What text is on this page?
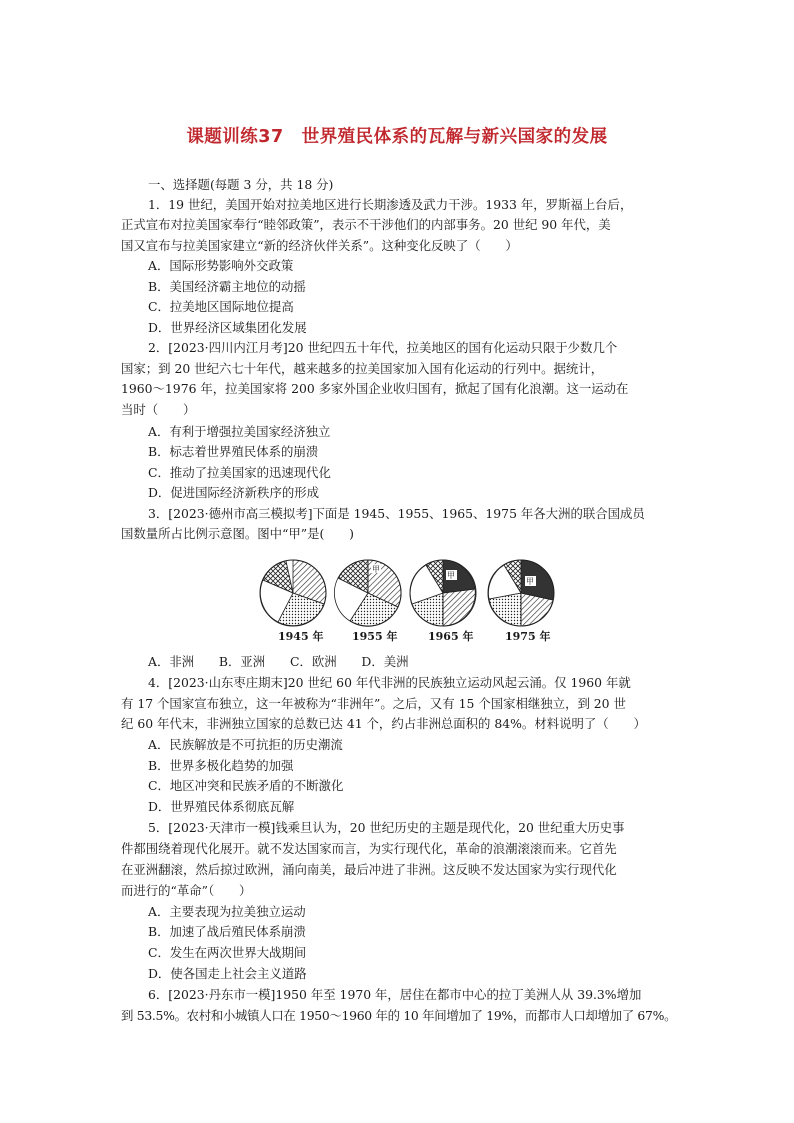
课题训练37　世界殖民体系的瓦解与新兴国家的发展
一、选择题(每题 3 分，共 18 分)
1．19 世纪，美国开始对拉美地区进行长期渗透及武力干涉。1933 年，罗斯福上台后，
正式宣布对拉美国家奉行“睦邻政策”，表示不干涉他们的内部事务。20 世纪 90 年代，美
国又宣布与拉美国家建立“新的经济伙伴关系”。这种变化反映了（　　）
A．国际形势影响外交政策
B．美国经济霸主地位的动摇
C．拉美地区国际地位提高
D．世界经济区域集团化发展
2．[2023·四川内江月考]20 世纪四五十年代，拉美地区的国有化运动只限于少数几个
国家；到 20 世纪六七十年代，越来越多的拉美国家加入国有化运动的行列中。据统计，
1960～1976 年，拉美国家将 200 多家外国企业收归国有，掀起了国有化浪潮。这一运动在
当时（　　）
A．有利于增强拉美国家经济独立
B．标志着世界殖民体系的崩溃
C．推动了拉美国家的迅速现代化
D．促进国际经济新秩序的形成
3．[2023·德州市高三模拟考]下面是 1945、1955、1965、1975 年各大洲的联合国成员
国数量所占比例示意图。图中“甲”是(　　)
甲
甲
甲
1945 年	1955 年	1965 年	1975 年
A．非洲　　B．亚洲　　C．欧洲　　D．美洲
4．[2023·山东枣庄期末]20 世纪 60 年代非洲的民族独立运动风起云涌。仅 1960 年就
有 17 个国家宣布独立，这一年被称为“非洲年”。之后，又有 15 个国家相继独立，到 20 世
纪 60 年代末，非洲独立国家的总数已达 41 个，约占非洲总面积的 84%。材料说明了（　　）
A．民族解放是不可抗拒的历史潮流
B．世界多极化趋势的加强
C．地区冲突和民族矛盾的不断激化
D．世界殖民体系彻底瓦解
5．[2023·天津市一模]钱乘旦认为，20 世纪历史的主题是现代化，20 世纪重大历史事
件都围绕着现代化展开。就不发达国家而言，为实行现代化，革命的浪潮滚滚而来。它首先
在亚洲翻滚，然后掠过欧洲，涌向南美，最后冲进了非洲。这反映不发达国家为实行现代化
而进行的“革命”（　　）
A．主要表现为拉美独立运动
B．加速了战后殖民体系崩溃
C．发生在两次世界大战期间
D．使各国走上社会主义道路
6．[2023·丹东市一模]1950 年至 1970 年，居住在都市中心的拉丁美洲人从 39.3%增加
到 53.5%。农村和小城镇人口在 1950～1960 年的 10 年间增加了 19%，而都市人口却增加了 67%。
